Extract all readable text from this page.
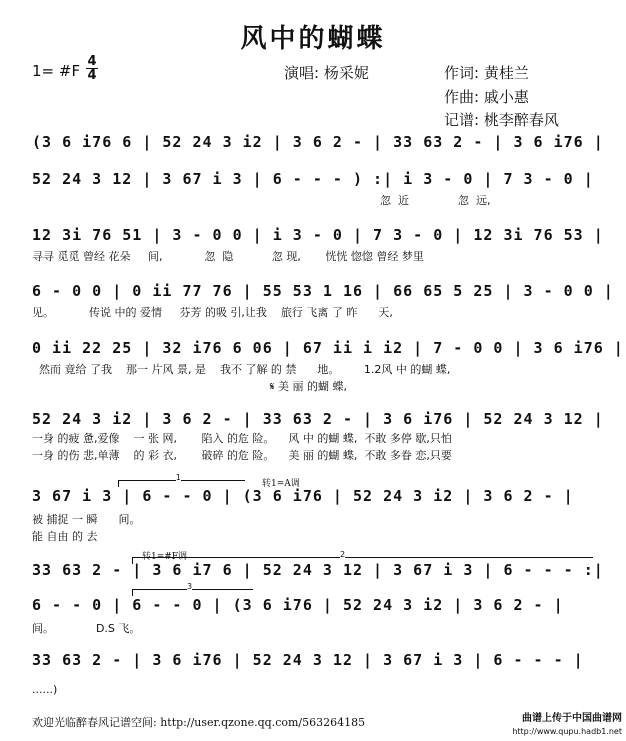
风中的蝴蝶
1= #F $\frac{4}{4}$	演唱: 杨采妮	作词: 黄桂兰
作曲: 戚小惠
记谱: 桃李醉春风
(3 6 i76 6 | 52 24 3 i2 | 3 6 2 - | 33 63 2 - | 3 6 i76 |
52 24 3 12 | 3 67 i 3 | 6 - - - ) :| i 3 - 0 | 7 3 - 0 |
忽  近              忽  远,
12 3i 76 51 | 3 - 0 0 | i 3 - 0 | 7 3 - 0 | 12 3i 76 53 |
寻寻 觅觅 曾经 花朵     间,            忽  隐           忽 现,       恍恍 惚惚 曾经 梦里
6 - 0 0 | 0 ii 77 76 | 55 53 1 16 | 66 65 5 25 | 3 - 0 0 |
见。          传说 中的 爱情     芬芳 的吸 引,让我    旅行 飞离 了 昨      天,
0 ii 22 25 | 32 i76 6 06 | 67 ii i i2 | 7 - 0 0 | 3 6 i76 |
然而 竟给 了我    那一 片风 景, 是    我不 了解 的 禁      地。       1.2风 中 的蝴 蝶,
𝄋 美 丽 的蝴 蝶,
52 24 3 i2 | 3 6 2 - | 33 63 2 - | 3 6 i76 | 52 24 3 12 |
一身 的疲 惫,爱像    一 张 网,       陷入 的危 险。    风 中 的蝴 蝶,  不敢 多停 歇,只怕
一身 的伤 悲,单薄    的 彩 衣,       破碎 的危 险。    美 丽 的蝴 蝶,  不敢 多眷 恋,只要
1
转1=A调
3 67 i 3 | 6 - - 0 | (3 6 i76 | 52 24 3 i2 | 3 6 2 - |
被 捕捉 一 瞬      间。
能 自由 的 去
转1=#F调	2
33 63 2 - | 3 6 i7 6 | 52 24 3 12 | 3 67 i 3 | 6 - - - :|
3
6 - - 0 | 6 - - 0 | (3 6 i76 | 52 24 3 i2 | 3 6 2 - |
间。            D.S 飞。
33 63 2 - | 3 6 i76 | 52 24 3 12 | 3 67 i 3 | 6 - - - |
......)
欢迎光临醉春风记谱空间: http://user.qzone.qq.com/563264185	曲谱上传于中国曲谱网
http://www.qupu.hadb1.net
